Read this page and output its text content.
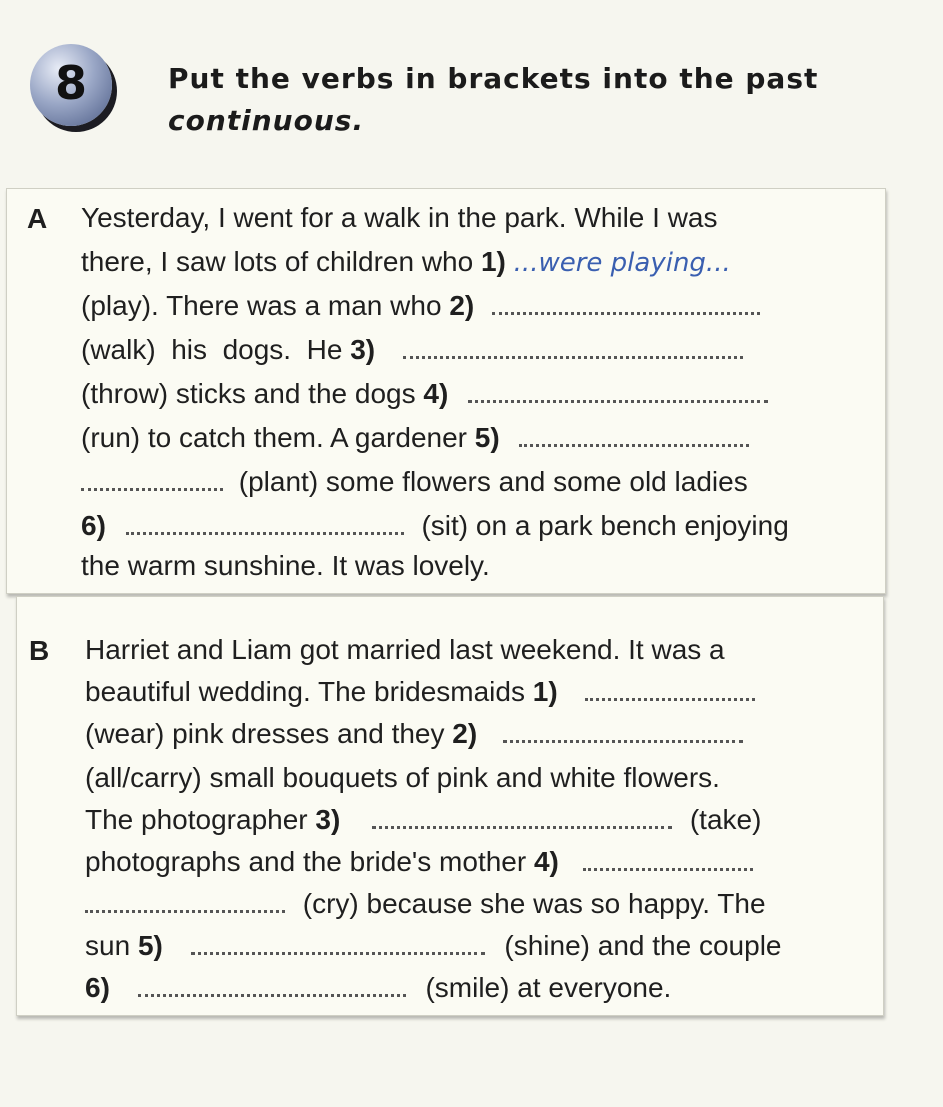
8	Put the verbs in brackets into the past
continuous.
A Yesterday, I went for a walk in the park. While I was
there, I saw lots of children who 1) ...were playing...
(play). There was a man who 2)
(walk)  his  dogs.  He 3)
(throw) sticks and the dogs 4)
(run) to catch them. A gardener 5)
(plant) some flowers and some old ladies
6)	(sit) on a park bench enjoying
the warm sunshine. It was lovely.
B Harriet and Liam got married last weekend. It was a
beautiful wedding. The bridesmaids 1)
(wear) pink dresses and they 2)
(all/carry) small bouquets of pink and white flowers.
The photographer 3)	(take)
photographs and the bride's mother 4)
(cry) because she was so happy. The
sun 5)	(shine) and the couple
6)	(smile) at everyone.
